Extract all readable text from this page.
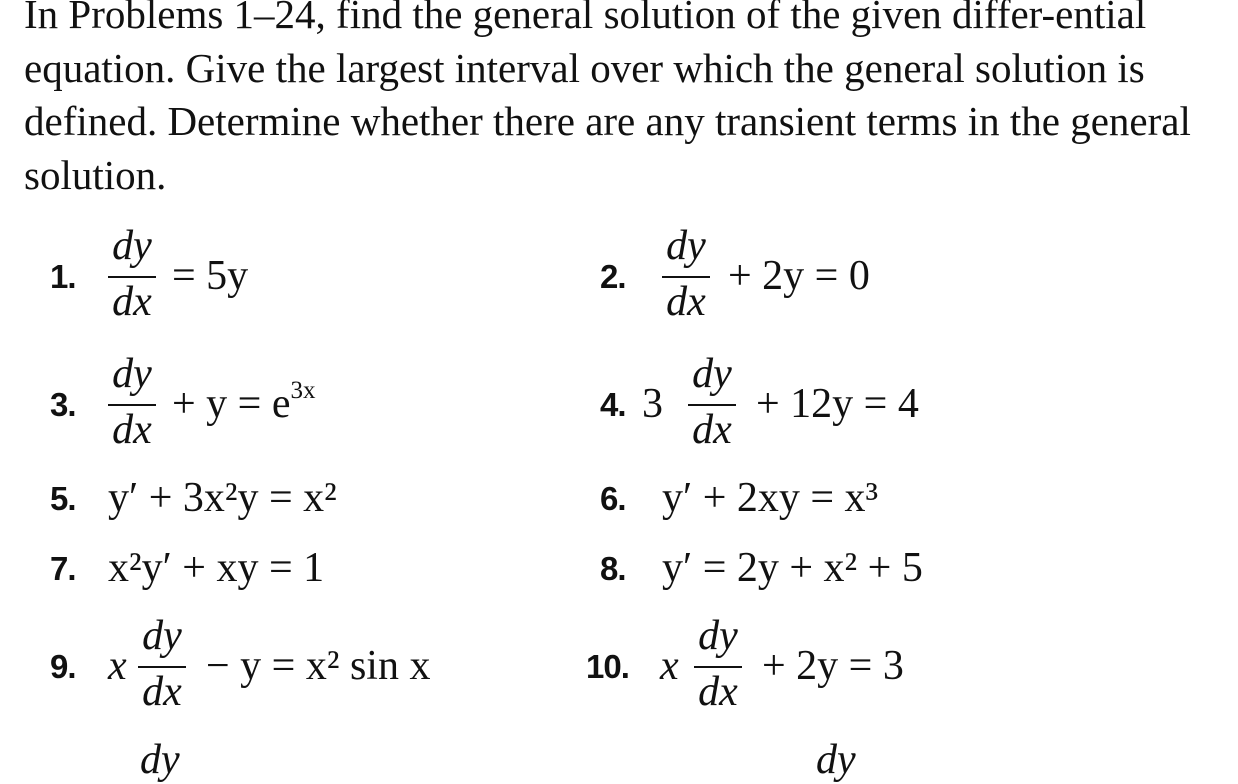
In Problems 1–24, find the general solution of the given differ-ential equation. Give the largest interval over which the general solution is defined. Determine whether there are any transient terms in the general solution.

1.
dy
dx
= 5y	2.
dy
dx
+ 2y = 0
3.
dy
dx
+ $y = e^{3x}$	4. 3
dy
dx
+ 12y = 4
5. y′ + 3x²y = x²	6. y′ + 2xy = x³
7. x²y′ + xy = 1	8. y′ = 2y + x² + 5
9. x
dy
dx
− y = x² sin x	10. x
dy
dx
+ 2y = 3
dy	dy
